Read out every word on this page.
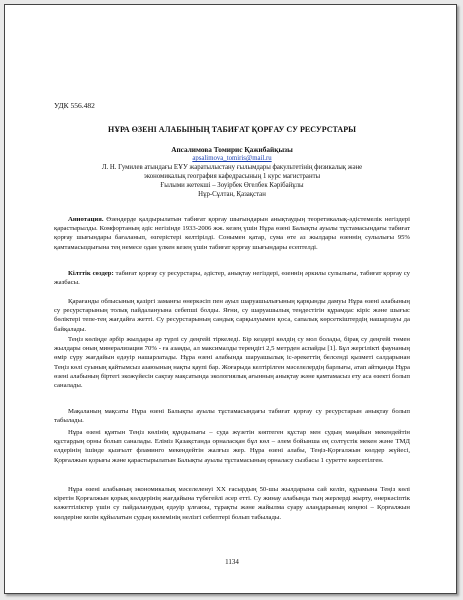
УДК 556.482
НҰРА ӨЗЕНІ АЛАБЫНЫҢ ТАБИҒАТ ҚОРҒАУ СУ РЕСУРСТАРЫ
Апсалимова Томирис Қажибайқызы
apsalimova_tomiris@mail.ru
Л. Н. Гумилев атындағы ЕҰУ жаратылыстану ғылымдары факультетінің физикалық және
экономикалық география кафедрасының 1 курс магистранты
Ғылыми жетекші – Зоуірбек Өгелбек Кәрібайұлы
Нұр-Сұлтан, Қазақстан
Аннотация. Өзендерде қалдырылатын табиғат қорғау шығындарын анықтаудың теоретикалық-әдістемелік негіздері қарастырылды. Комфортаның әдіс негізінде 1933-2006 жж. кезең үшін Нұра өзені Балықты ауылы тұстамасындағы табиғат қорғау шығындары бағаланып, өзгерістері келтірілді. Сонымен қатар, сума өте аз жылдары өзеннің сулылығы 95% қамтамасыздығына тең немесе одан үлкен кезең үшін табиғат қорғау шығындары есептелді.
Кілттік сөздер: табиғат қорғау су ресурстары, әдістер, анықтау негіздері, өзеннің әркилы сулылығы, табиғат қорғау су жазбасы.
Қарағанды облысының қазіргі заманғы өнеркәсіп пен ауыл шаруашылығының қарқынды дамуы Нұра өзені алабының су ресурстарының толық пайдалануына себепші болды. Яғни, су шаруашылық теңдестігін құрамдас кіріс және шығыс бөліктері тепе-тең жағдайға жетті. Су ресурстарының сандық сарқылуымен қоса, сапалық көрсеткіштердің нашарлауы да байқалады.
Теңіз көліңде әрбір жылдары әр түрлі су деңгейі тіркеледі. Бір кездері көлдің су мол болады, бірақ су деңгейі төмен жылдары оның минерализация 70% - ға азаяды, ал максималды тереңдігі 2,5 метрден аспайды [1]. Бұл жергілікті фаунаның өмір сүру жағдайын едәуір нашарлатады. Нұра өзені алабында шаруашылық іс-әрекеттің белсенді қызметі салдарынан Теңіз көлі суының қайтымсыз азаюының нақты қаупі бар. Жоғарыда келтірілген мәселелердің барлығы, атап айтқанда Нұра өзені алабының біртегі экожүйесін сақтау мақсатында экологиялық ағынның анықтау және қамтамасыз ету аса өзекті болып саналады.
Мақаланың мақсаты Нұра өзені Балықты ауылы тұстамасындағы табиғат қорғау су ресурстарын анықтау болып табылады.
Нұра өзені құятын Теңіз көлінің құндылығы – суда жүзетін көптеген құстар мен судың маңайын мекендейтін құстардың орны болып саналады. Еліміз Қазақстанда орналасқан бұл көл – әлем бойынша ең солтүстік мекен және ТМД елдерінің ішінде қызғылт фламинго мекендейтін жалғыз жер. Нұра өзені алабы, Теңіз-Қорғалжын көлдер жүйесі, Қорғалжын қорығы және қарастырылатын Балықты ауылы тұстамасының орналасу сызбасы 1 суретте көрсетілген.
Нұра өзені алабының экономикалық мәселеленуі ХХ ғасырдың 50-шы жылдарына сай келіп, құрамына Теңіз көлі кіретін Қорғалжын қорық көлдерінің жағдайына түбегейлі әсер етті. Су жинау алабында тың жерлерді жырту, өнеркәсіптік кәжеттіліктер үшін су пайдаланудың едәуір ұлғаюы, тұрақты және жайылма суару алаңдарының кеңеюі – Қорғалжын көлдеріне келін құйылатын судың көлемінің нелізгі себептері болып табылады.
1134
